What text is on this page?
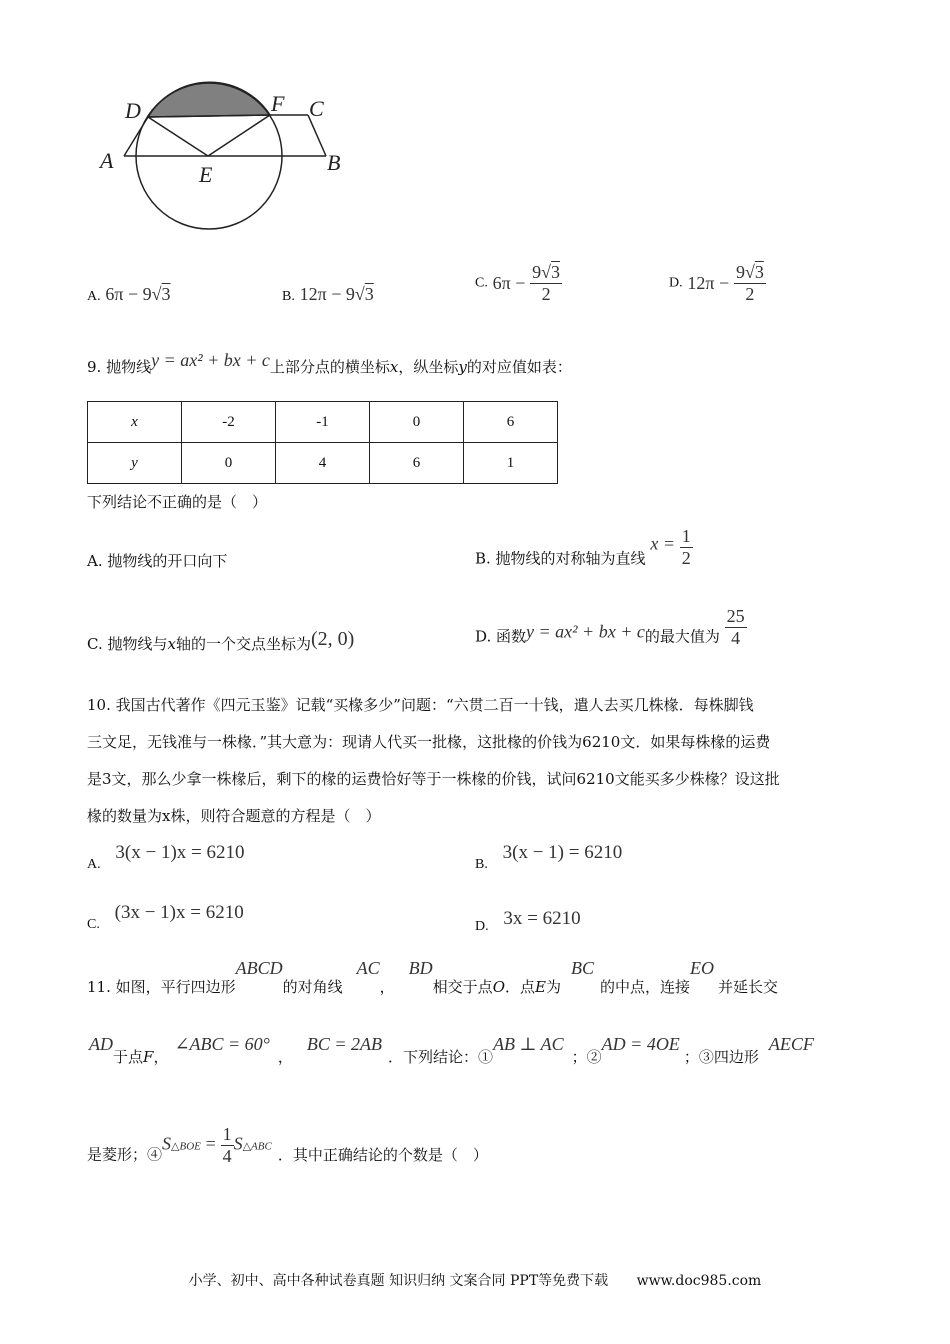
D	F C
A
E	B
A. 6π − 9√3	B. 12π − 9√3
C. $6\pi - \frac{9√3}{2}$	D. $12\pi - \frac{9√3}{2}$
9. 抛物线y = ax² + bx + c上部分点的横坐标x，纵坐标y的对应值如表：
x	-2	-1	0	6
y	0	4	6	1
下列结论不正确的是（　）
A. 抛物线的开口向下	B. 抛物线的对称轴为直线 $x = \frac{1}{2}$
C. 抛物线与x轴的一个交点坐标为(2, 0)	D. 函数y = ax² + bx + c的最大值为 $\frac{25}{4}$
10. 我国古代著作《四元玉鉴》记载“买椽多少”问题：“六贯二百一十钱，遣人去买几株椽．每株脚钱
三文足，无钱准与一株椽．”其大意为：现请人代买一批椽，这批椽的价钱为6210文．如果每株椽的运费
是3文，那么少拿一株椽后，剩下的椽的运费恰好等于一株椽的价钱，试问6210文能买多少株椽？设这批
椽的数量为x株，则符合题意的方程是（　）
A. 3(x − 1)x = 6210
B. 3(x − 1) = 6210
C. (3x − 1)x = 6210
D. 3x = 6210
11. 如图，平行四边形ABCD的对角线AC，BD相交于点O．点E为BC的中点，连接EO并延长交
AD于点F，∠ABC = 60°，BC = 2AB．下列结论：①AB ⊥ AC；②AD = 4OE；③四边形AECF
是菱形；④S△BOE = $\frac{1}{4}$ S△ABC ．其中正确结论的个数是（　）
小学、初中、高中各种试卷真题 知识归纳 文案合同 PPT等免费下载 www.doc985.com
